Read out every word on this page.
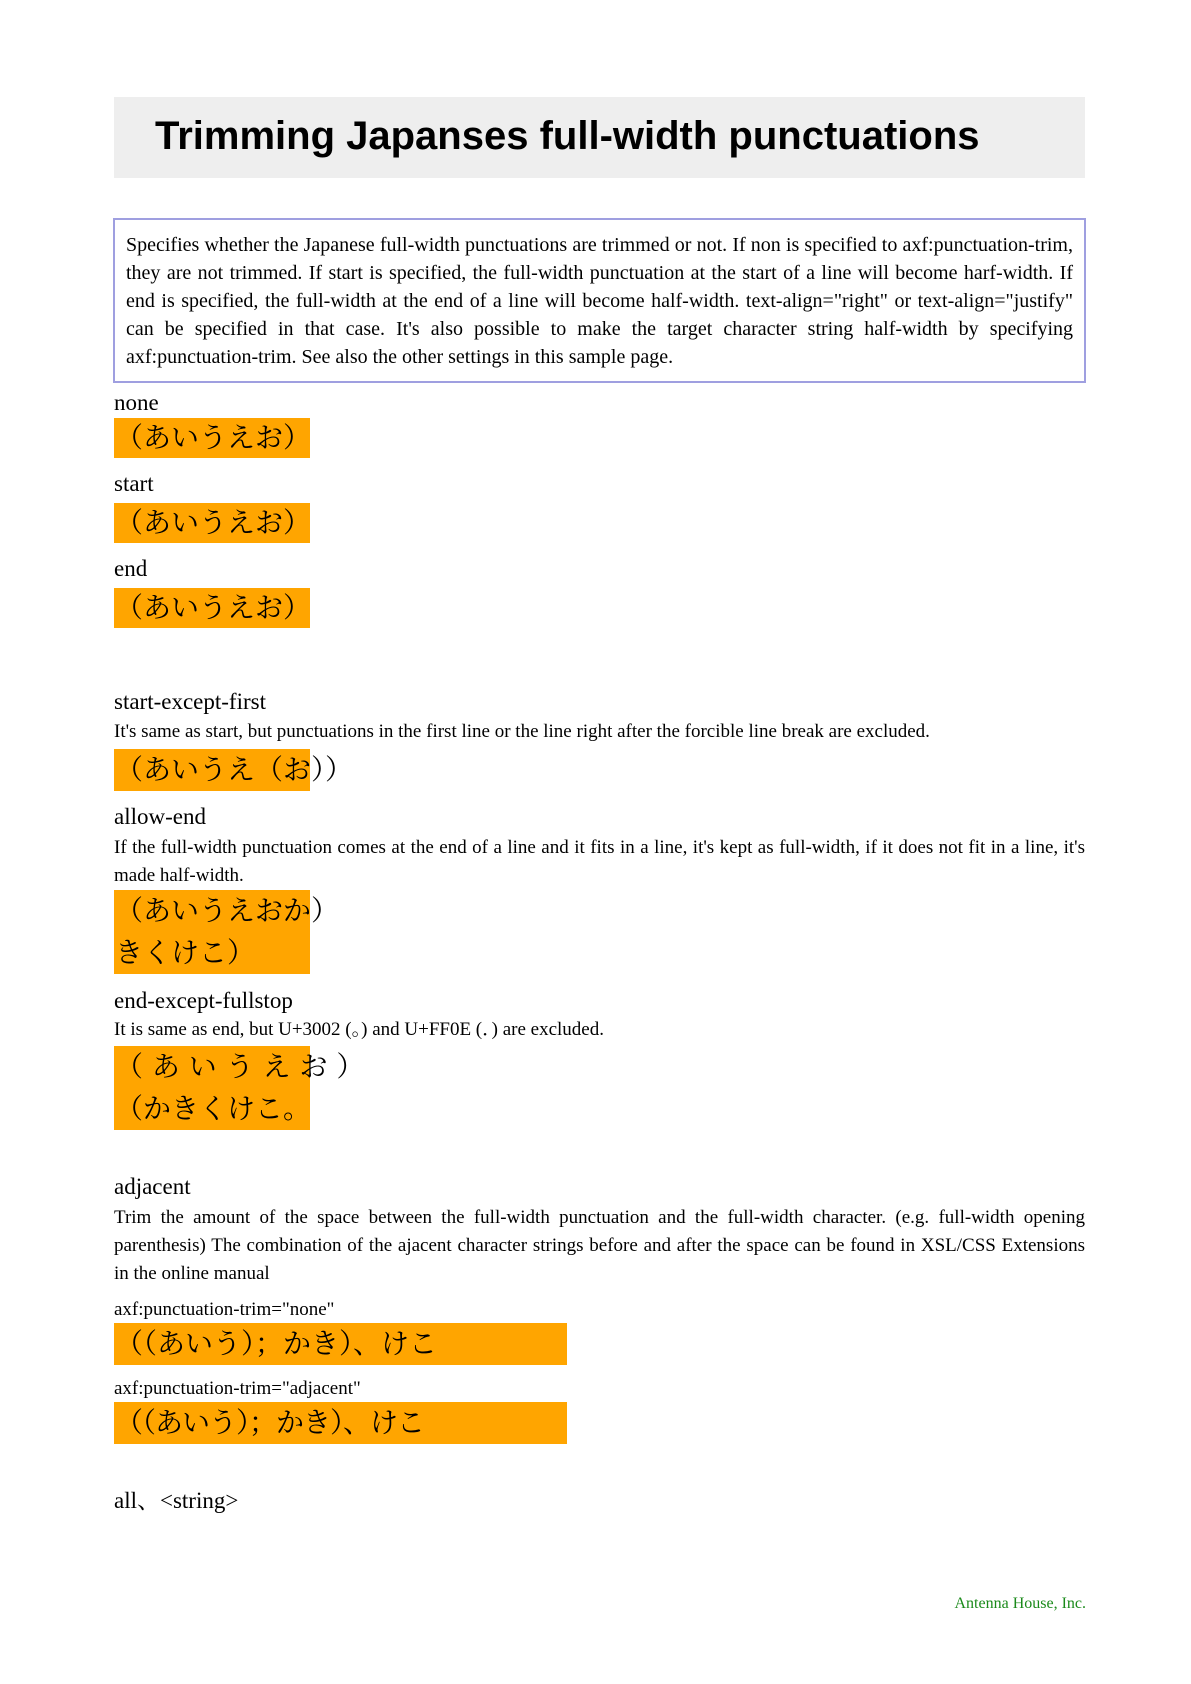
Trimming Japanses full-width punctuations
Specifies whether the Japanese full-width punctuations are trimmed or not. If non is specified to axf:punctuation-trim, they are not trimmed. If start is specified, the full-width punctuation at the start of a line will become harf-width. If end is specified, the full-width at the end of a line will become half-width. text-align="right" or text-align="justify" can be specified in that case. It's also possible to make the target character string half-width by specifying axf:punctuation-trim. See also the other settings in this sample page.
none
（あいうえお）
start
（あいうえお）
end
（あいうえお）
start-except-first
It's same as start, but punctuations in the first line or the line right after the forcible line break are excluded.
（あいうえ（お））
allow-end
If the full-width punctuation comes at the end of a line and it fits in a line, it's kept as full-width, if it does not fit in a line, it's made half-width.
（あいうえおか）
きくけこ）
end-except-fullstop
It is same as end, but U+3002 (。) and U+FF0E (．) are excluded.
（ あ い う え お ）
（かきくけこ。
adjacent
Trim the amount of the space between the full-width punctuation and the full-width character. (e.g. full-width opening parenthesis) The combination of the ajacent character strings before and after the space can be found in XSL/CSS Extensions in the online manual
axf:punctuation-trim="none"
（（あいう）；かき）、けこ
axf:punctuation-trim="adjacent"
（（あいう）；かき）、けこ
all、<string>
Antenna House, Inc.
